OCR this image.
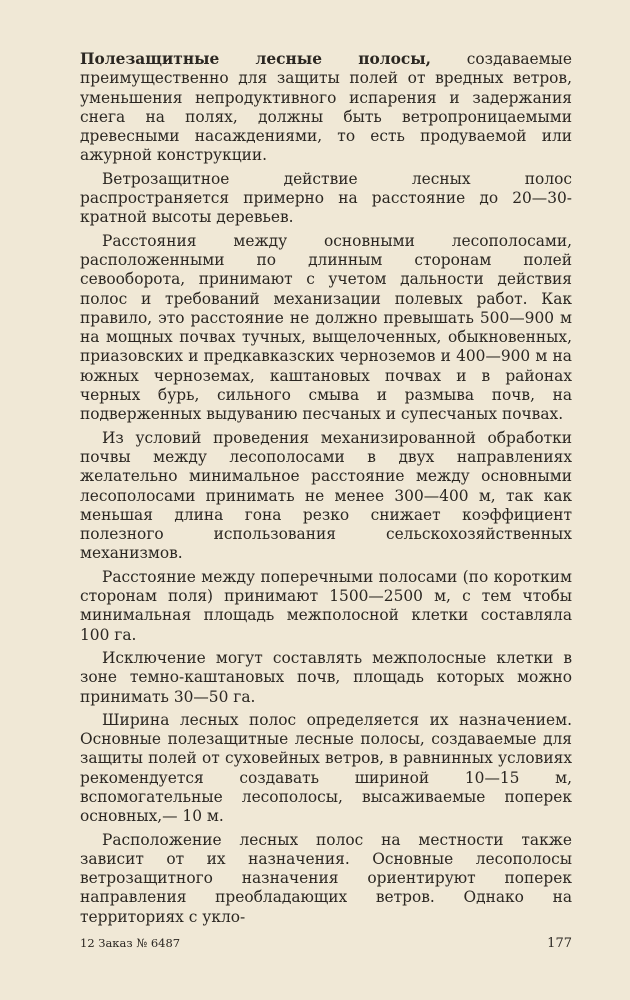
Полезащитные лесные полосы, создаваемые преимущественно для защиты полей от вредных ветров, уменьшения непродуктивного испарения и задержания снега на полях, должны быть ветропроницаемыми древесными насаждениями, то есть продуваемой или ажурной конструкции.

Ветрозащитное действие лесных полос распространяется примерно на расстояние до 20—30-кратной высоты деревьев.

Расстояния между основными лесополосами, расположенными по длинным сторонам полей севооборота, принимают с учетом дальности действия полос и требований механизации полевых работ. Как правило, это расстояние не должно превышать 500—900 м на мощных почвах тучных, выщелоченных, обыкновенных, приазовских и предкавказских черноземов и 400—900 м на южных черноземах, каштановых почвах и в районах черных бурь, сильного смыва и размыва почв, на подверженных выдуванию песчаных и супесчаных почвах.

Из условий проведения механизированной обработки почвы между лесополосами в двух направлениях желательно минимальное расстояние между основными лесополосами принимать не менее 300—400 м, так как меньшая длина гона резко снижает коэффициент полезного использования сельскохозяйственных механизмов.

Расстояние между поперечными полосами (по коротким сторонам поля) принимают 1500—2500 м, с тем чтобы минимальная площадь межполосной клетки составляла 100 га.

Исключение могут составлять межполосные клетки в зоне темно-каштановых почв, площадь которых можно принимать 30—50 га.

Ширина лесных полос определяется их назначением. Основные полезащитные лесные полосы, создаваемые для защиты полей от суховейных ветров, в равнинных условиях рекомендуется создавать шириной 10—15 м, вспомогательные лесополосы, высаживаемые поперек основных,— 10 м.

Расположение лесных полос на местности также зависит от их назначения. Основные лесополосы ветрозащитного назначения ориентируют поперек направления преобладающих ветров. Однако на территориях с укло-

12 Заказ № 6487	177
